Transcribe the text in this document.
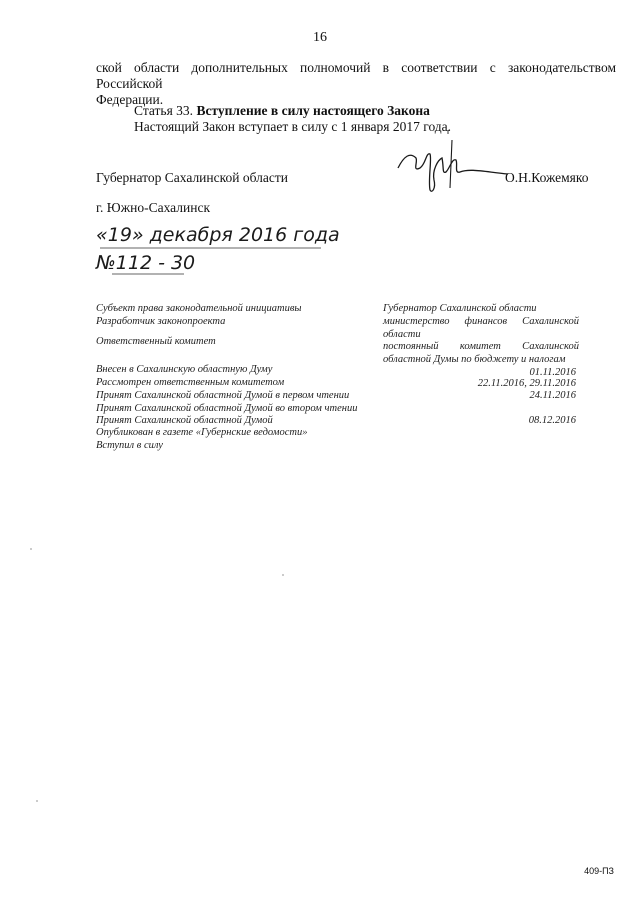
16
ской области дополнительных полномочий в соответствии с законодательством Российской
Федерации.
Статья 33. Вступление в силу настоящего Закона
Настоящий Закон вступает в силу с 1 января 2017 года.
Губернатор Сахалинской области	О.Н.Кожемяко
г. Южно-Сахалинск
«19» декабря 2016 года
№112 - 30
Субъект права законодательной инициативы	Губернатор Сахалинской области
Разработчик законопроекта	министерство финансов Сахалинской
области
Ответственный комитет	постоянный комитет Сахалинской
областной Думы по бюджету и налогам
Внесен в Сахалинскую областную Думу	01.11.2016
Рассмотрен ответственным комитетом	22.11.2016, 29.11.2016
Принят Сахалинской областной Думой в первом чтении	24.11.2016
Принят Сахалинской областной Думой во втором чтении
Принят Сахалинской областной Думой	08.12.2016
Опубликован в газете «Губернские ведомости»
Вступил в силу
409-ПЗ
